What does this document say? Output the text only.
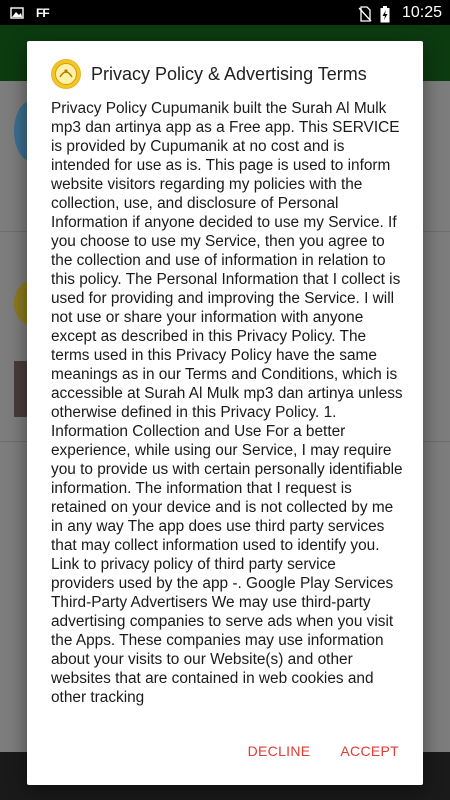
FF	10:25
Privacy Policy & Advertising Terms
Privacy Policy Cupumanik built the Surah Al Mulk mp3 dan artinya app as a Free app. This SERVICE is provided by Cupumanik at no cost and is intended for use as is. This page is used to inform website visitors regarding my policies with the collection, use, and disclosure of Personal Information if anyone decided to use my Service. If you choose to use my Service, then you agree to the collection and use of information in relation to this policy. The Personal Information that I collect is used for providing and improving the Service. I will not use or share your information with anyone except as described in this Privacy Policy. The terms used in this Privacy Policy have the same meanings as in our Terms and Conditions, which is accessible at Surah Al Mulk mp3 dan artinya unless otherwise defined in this Privacy Policy. 1. Information Collection and Use For a better experience, while using our Service, I may require you to provide us with certain personally identifiable information. The information that I request is retained on your device and is not collected by me in any way The app does use third party services that may collect information used to identify you. Link to privacy policy of third party service providers used by the app -. Google Play Services Third-Party Advertisers We may use third-party advertising companies to serve ads when you visit the Apps. These companies may use information about your visits to our Website(s) and other websites that are contained in web cookies and other tracking
DECLINE ACCEPT
